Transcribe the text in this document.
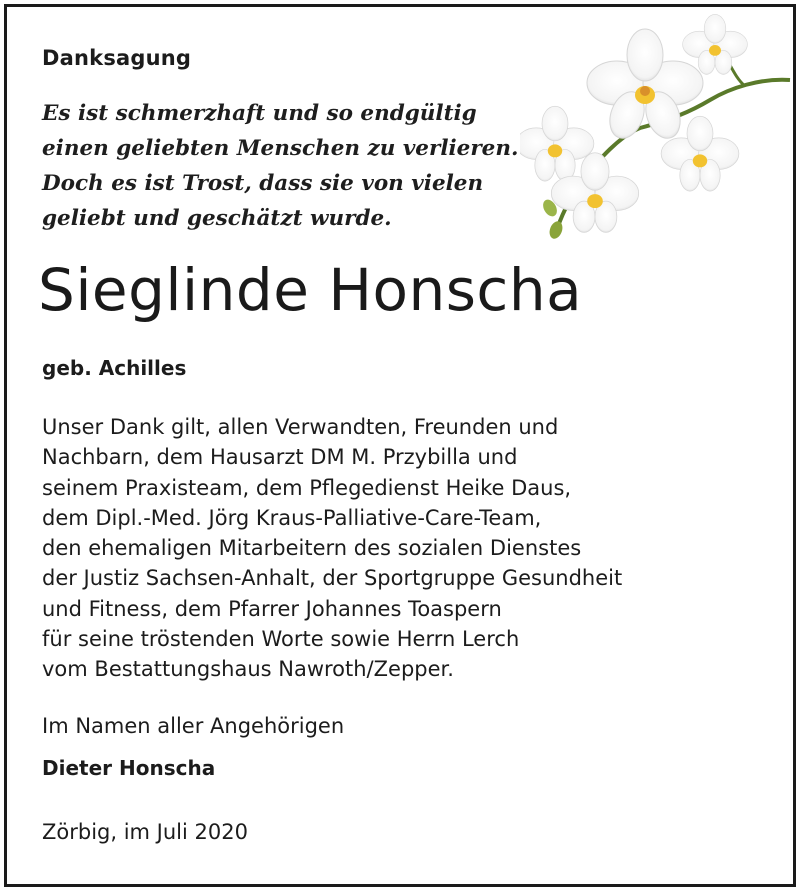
Danksagung
Es ist schmerzhaft und so endgültig
einen geliebten Menschen zu verlieren.
Doch es ist Trost, dass sie von vielen
geliebt und geschätzt wurde.
Sieglinde Honscha
geb. Achilles
Unser Dank gilt, allen Verwandten, Freunden und
Nachbarn, dem Hausarzt DM M. Przybilla und
seinem Praxisteam, dem Pflegedienst Heike Daus,
dem Dipl.-Med. Jörg Kraus-Palliative-Care-Team,
den ehemaligen Mitarbeitern des sozialen Dienstes
der Justiz Sachsen-Anhalt, der Sportgruppe Gesundheit
und Fitness, dem Pfarrer Johannes Toaspern
für seine tröstenden Worte sowie Herrn Lerch
vom Bestattungshaus Nawroth/Zepper.
Im Namen aller Angehörigen
Dieter Honscha
Zörbig, im Juli 2020
